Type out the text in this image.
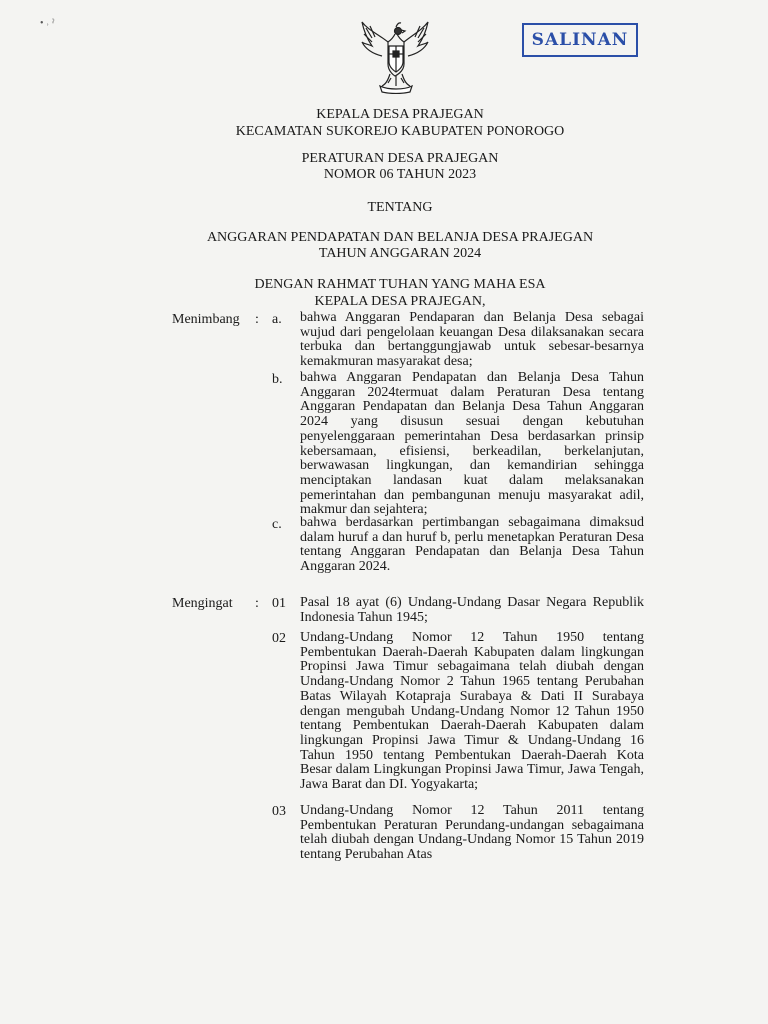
• ˒ ˀ
SALINAN
KEPALA DESA PRAJEGAN
KECAMATAN SUKOREJO KABUPATEN PONOROGO
PERATURAN DESA PRAJEGAN
NOMOR 06 TAHUN 2023
TENTANG
ANGGARAN PENDAPATAN DAN BELANJA DESA PRAJEGAN
TAHUN ANGGARAN 2024
DENGAN RAHMAT TUHAN YANG MAHA ESA
KEPALA DESA PRAJEGAN,
Menimbang : a. bahwa Anggaran Pendaparan dan Belanja Desa sebagai wujud dari pengelolaan keuangan Desa dilaksanakan secara terbuka dan bertanggungjawab untuk sebesar-besarnya kemakmuran masyarakat desa;
b. bahwa Anggaran Pendapatan dan Belanja Desa Tahun Anggaran 2024termuat dalam Peraturan Desa tentang Anggaran Pendapatan dan Belanja Desa Tahun Anggaran 2024 yang disusun sesuai dengan kebutuhan penyelenggaraan pemerintahan Desa berdasarkan prinsip kebersamaan, efisiensi, berkeadilan, berkelanjutan, berwawasan lingkungan, dan kemandirian sehingga menciptakan landasan kuat dalam melaksanakan pemerintahan dan pembangunan menuju masyarakat adil, makmur dan sejahtera;
c. bahwa berdasarkan pertimbangan sebagaimana dimaksud dalam huruf a dan huruf b, perlu menetapkan Peraturan Desa tentang Anggaran Pendapatan dan Belanja Desa Tahun Anggaran 2024.
Mengingat : 01 Pasal 18 ayat (6) Undang-Undang Dasar Negara Republik Indonesia Tahun 1945;
02 Undang-Undang Nomor 12 Tahun 1950 tentang Pembentukan Daerah-Daerah Kabupaten dalam lingkungan Propinsi Jawa Timur sebagaimana telah diubah dengan Undang-Undang Nomor 2 Tahun 1965 tentang Perubahan Batas Wilayah Kotapraja Surabaya & Dati II Surabaya dengan mengubah Undang-Undang Nomor 12 Tahun 1950 tentang Pembentukan Daerah-Daerah Kabupaten dalam lingkungan Propinsi Jawa Timur & Undang-Undang 16 Tahun 1950 tentang Pembentukan Daerah-Daerah Kota Besar dalam Lingkungan Propinsi Jawa Timur, Jawa Tengah, Jawa Barat dan DI. Yogyakarta;
03 Undang-Undang Nomor 12 Tahun 2011 tentang Pembentukan Peraturan Perundang-undangan sebagaimana telah diubah dengan Undang-Undang Nomor 15 Tahun 2019 tentang Perubahan Atas
